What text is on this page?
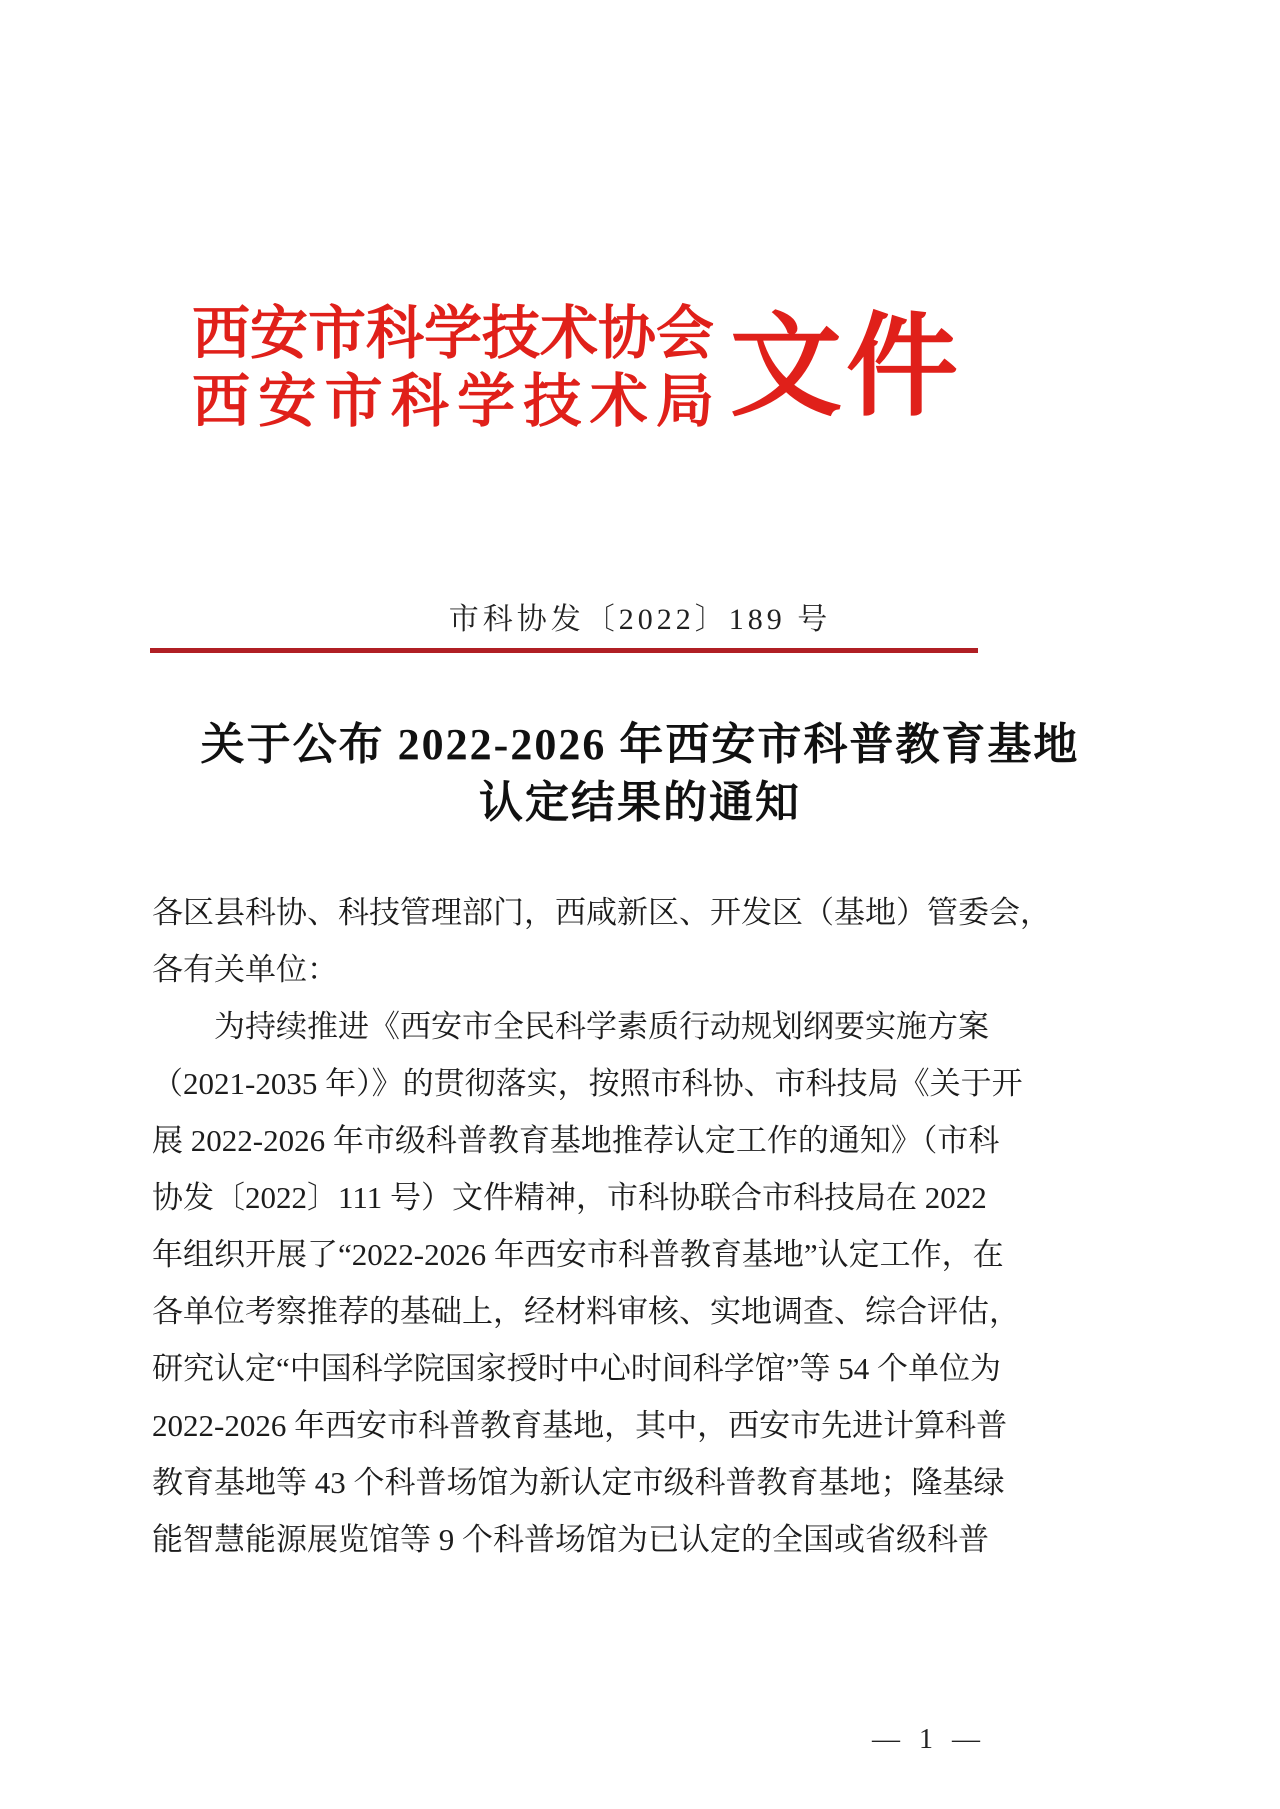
西安市科学技术协会
西安市科学技术局 文件
市科协发〔2022〕189 号
关于公布 2022-2026 年西安市科普教育基地
认定结果的通知
各区县科协、科技管理部门，西咸新区、开发区（基地）管委会，
各有关单位：
为持续推进《西安市全民科学素质行动规划纲要实施方案
（2021-2035 年）》的贯彻落实，按照市科协、市科技局《关于开
展 2022-2026 年市级科普教育基地推荐认定工作的通知》（市科
协发〔2022〕111 号）文件精神，市科协联合市科技局在 2022
年组织开展了“2022-2026 年西安市科普教育基地”认定工作，在
各单位考察推荐的基础上，经材料审核、实地调查、综合评估，
研究认定“中国科学院国家授时中心时间科学馆”等 54 个单位为
2022-2026 年西安市科普教育基地，其中，西安市先进计算科普
教育基地等 43 个科普场馆为新认定市级科普教育基地；隆基绿
能智慧能源展览馆等 9 个科普场馆为已认定的全国或省级科普
— 1 —
